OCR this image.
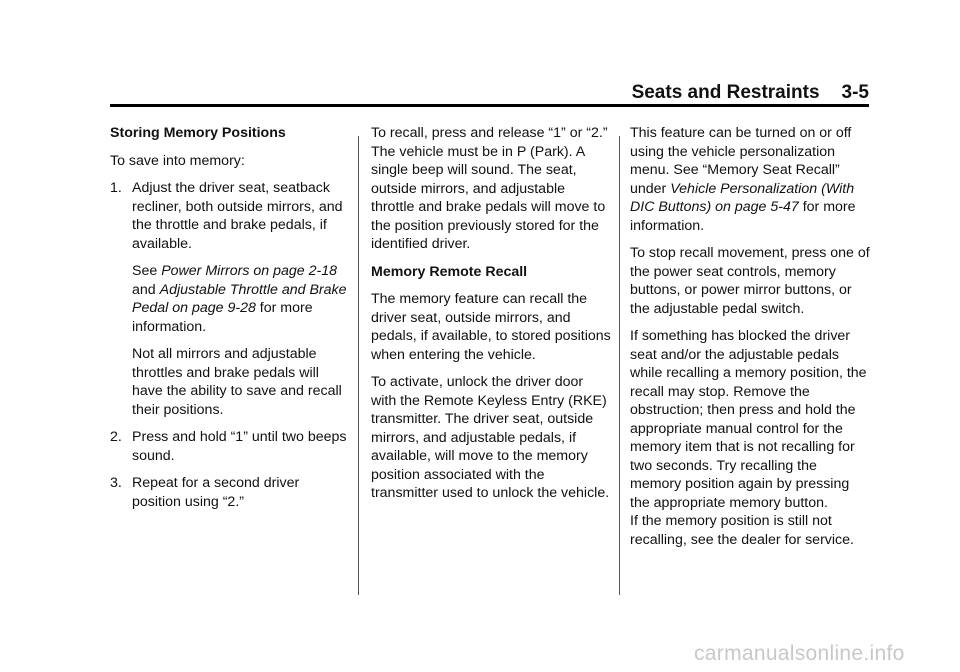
Seats and Restraints 3-5

Storing Memory Positions

To save into memory:

1. Adjust the driver seat, seatback recliner, both outside mirrors, and the throttle and brake pedals, if available.

See Power Mirrors on page 2-18
and Adjustable Throttle and Brake Pedal on page 9-28 for more information.

Not all mirrors and adjustable throttles and brake pedals will have the ability to save and recall their positions.

2. Press and hold “1” until two beeps sound.

3. Repeat for a second driver position using “2.”

To recall, press and release “1” or “2.” The vehicle must be in P (Park). A single beep will sound. The seat, outside mirrors, and adjustable throttle and brake pedals will move to the position previously stored for the identified driver.

Memory Remote Recall

The memory feature can recall the driver seat, outside mirrors, and pedals, if available, to stored positions when entering the vehicle.

To activate, unlock the driver door with the Remote Keyless Entry (RKE) transmitter. The driver seat, outside mirrors, and adjustable pedals, if available, will move to the memory position associated with the transmitter used to unlock the vehicle.

This feature can be turned on or off using the vehicle personalization menu. See “Memory Seat Recall” under Vehicle Personalization (With DIC Buttons) on page 5-47 for more information.

To stop recall movement, press one of the power seat controls, memory buttons, or power mirror buttons, or the adjustable pedal switch.

If something has blocked the driver seat and/or the adjustable pedals while recalling a memory position, the recall may stop. Remove the obstruction; then press and hold the appropriate manual control for the memory item that is not recalling for two seconds. Try recalling the memory position again by pressing the appropriate memory button.

If the memory position is still not recalling, see the dealer for service.

carmanualsonline.info
